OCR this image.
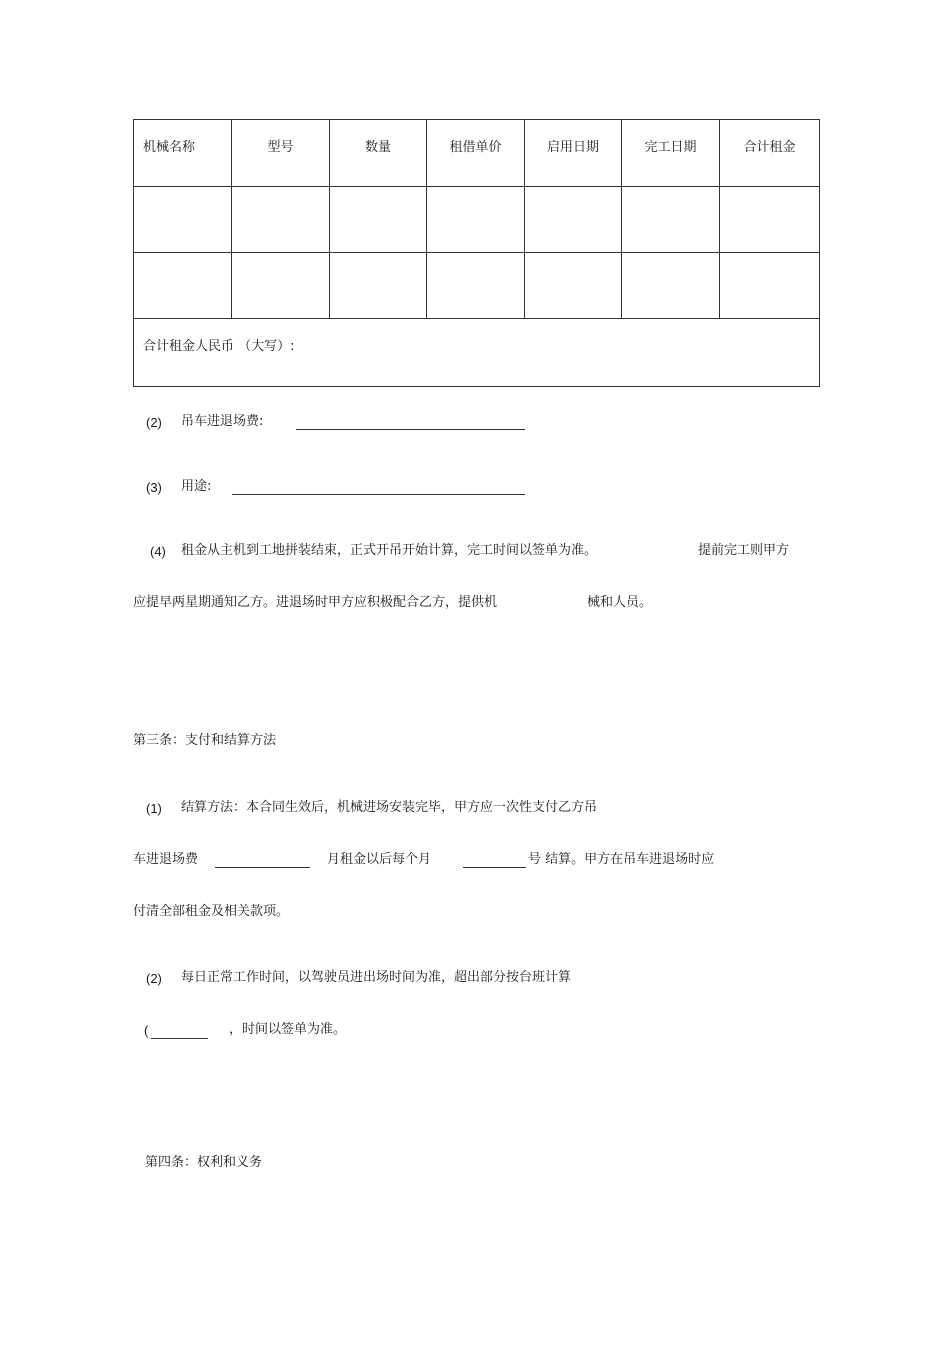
机械名称	型号	数量	租借单价	启用日期	完工日期	合计租金

合计租金人民币 （大写）:						
(2) 吊车进退场费:
(3) 用途:
(4) 租金从主机到工地拼装结束，正式开吊开始计算，完工时间以签单为准。	提前完工则甲方
应提早两星期通知乙方。进退场时甲方应积极配合乙方，提供机	械和人员。
第三条：支付和结算方法
(1) 结算方法：本合同生效后，机械进场安装完毕，甲方应一次性支付乙方吊
车进退场费	月租金以后每个月	号 结算。甲方在吊车进退场时应
付清全部租金及相关款项。
(2) 每日正常工作时间，以驾驶员进出场时间为准，超出部分按台班计算
(	，时间以签单为准。
第四条：权利和义务
